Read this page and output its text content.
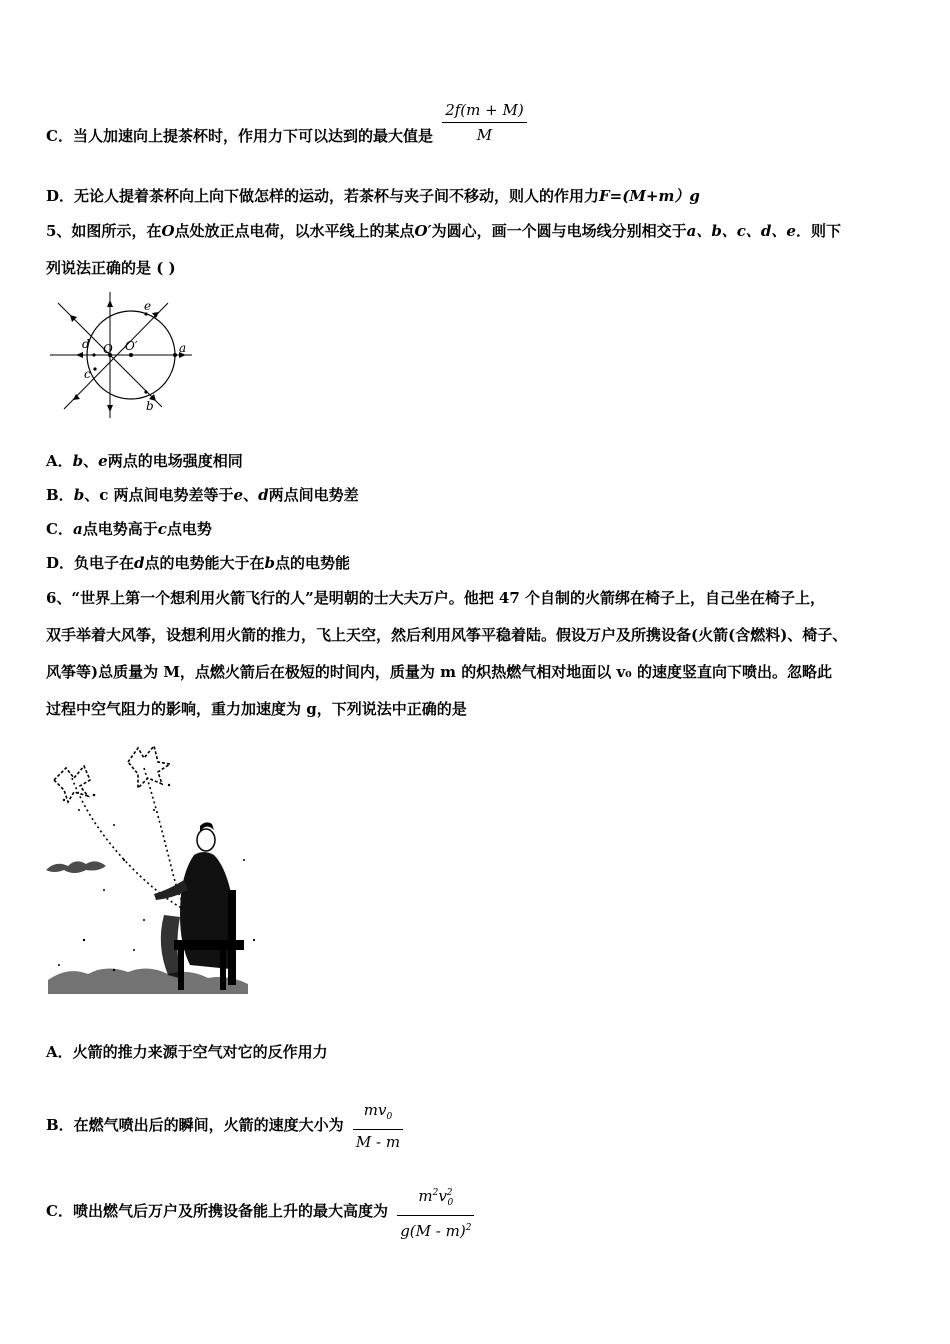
C．当人加速向上提茶杯时，作用力下可以达到的最大值是 $\frac{2f(m + M)}{M}$
D．无论人提着茶杯向上向下做怎样的运动，若茶杯与夹子间不移动，则人的作用力F=(M+m）g
5、如图所示，在O点处放正点电荷，以水平线上的某点O′为圆心，画一个圆与电场线分别相交于a、b、c、d、e．则下
列说法正确的是 ( )
a
b
c
d
e
O O′
A．b、e两点的电场强度相同
B．b、c 两点间电势差等于e、d两点间电势差
C．a点电势高于c点电势
D．负电子在d点的电势能大于在b点的电势能
6、“世界上第一个想利用火箭飞行的人”是明朝的士大夫万户。他把 47 个自制的火箭绑在椅子上，自己坐在椅子上，
双手举着大风筝，设想利用火箭的推力，飞上天空，然后利用风筝平稳着陆。假设万户及所携设备(火箭(含燃料)、椅子、
风筝等)总质量为 M，点燃火箭后在极短的时间内，质量为 m 的炽热燃气相对地面以 v₀ 的速度竖直向下喷出。忽略此
过程中空气阻力的影响，重力加速度为 g，下列说法中正确的是
A．火箭的推力来源于空气对它的反作用力
B．在燃气喷出后的瞬间，火箭的速度大小为 $\frac{mv_0}{M - m}$
C．喷出燃气后万户及所携设备能上升的最大高度为 $\frac{m^2v^2_0}{g(M - m)^2}$
